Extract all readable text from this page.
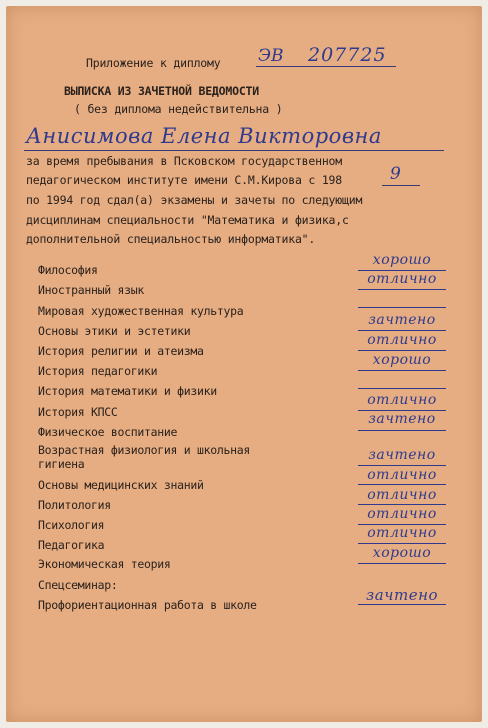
Приложение к диплому ЭВ 207725
ВЫПИСКА ИЗ ЗАЧЕТНОЙ ВЕДОМОСТИ
( без диплома недействительна )
Анисимова Елена Викторовна
за время пребывания в Псковском государственном
педагогическом институте имени С.М.Кирова с 198	9
по 1994 год сдал(а) экзамены и зачеты по следующим
дисциплинам специальности "Математика и физика,с
дополнительной специальностью информатика".
Философия
хорошо
Иностранный язык
отлично
Мировая художественная культура
Основы этики и эстетики
зачтено
История религии и атеизма
отлично
История педагогики
хорошо
История математики и физики
История КПСС
отлично
Физическое воспитание
зачтено
Возрастная физиология и школьная
гигиена
зачтено
Основы медицинских знаний
отлично
Политология
отлично
Психология
отлично
Педагогика
отлично
Экономическая теория
хорошо
Спецсеминар:
Профориентационная работа в школе
зачтено
